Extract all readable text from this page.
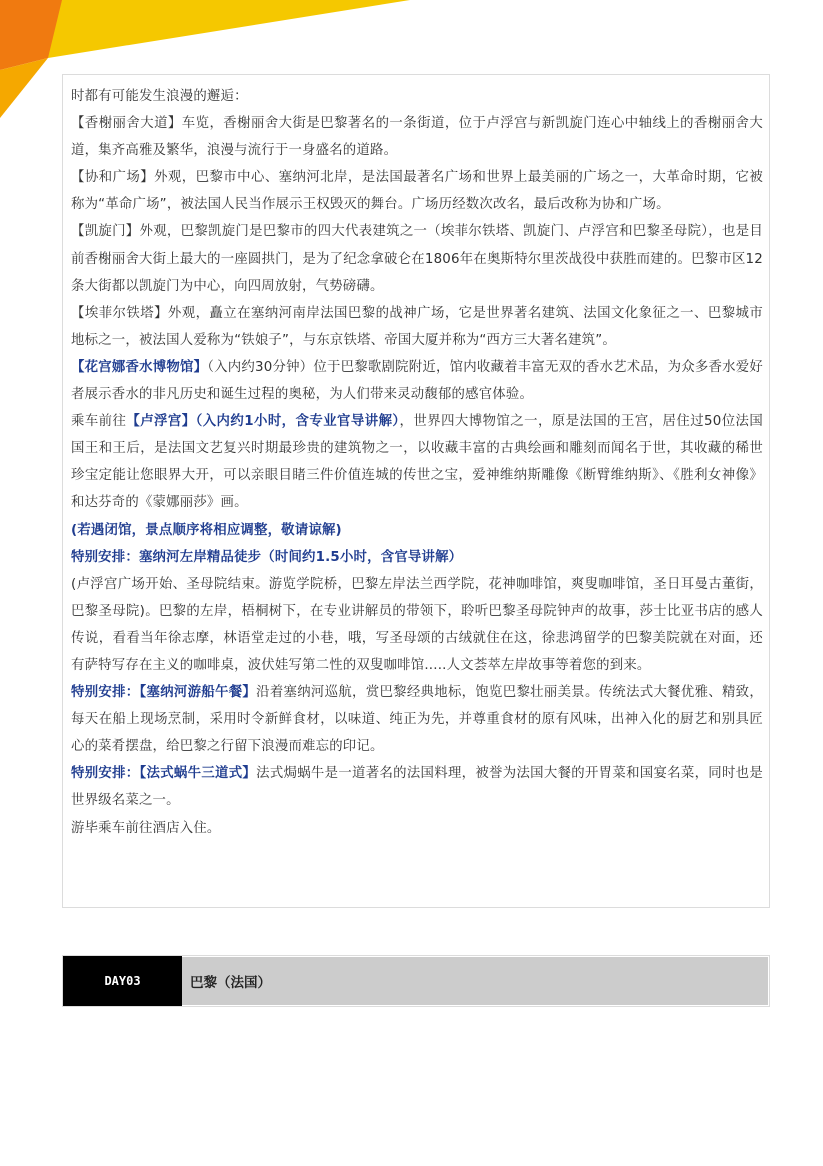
时都有可能发生浪漫的邂逅：

【香榭丽舍大道】车览，香榭丽舍大街是巴黎著名的一条街道，位于卢浮宫与新凯旋门连心中轴线上的香榭丽舍大道，集齐高雅及繁华，浪漫与流行于一身盛名的道路。

【协和广场】外观，巴黎市中心、塞纳河北岸，是法国最著名广场和世界上最美丽的广场之一，大革命时期，它被称为“革命广场”，被法国人民当作展示王权毁灭的舞台。广场历经数次改名，最后改称为协和广场。

【凯旋门】外观，巴黎凯旋门是巴黎市的四大代表建筑之一（埃菲尔铁塔、凯旋门、卢浮宫和巴黎圣母院），也是目前香榭丽舍大街上最大的一座圆拱门，是为了纪念拿破仑在1806年在奥斯特尔里茨战役中获胜而建的。巴黎市区12条大街都以凯旋门为中心，向四周放射，气势磅礴。

【埃菲尔铁塔】外观，矗立在塞纳河南岸法国巴黎的战神广场，它是世界著名建筑、法国文化象征之一、巴黎城市地标之一，被法国人爱称为“铁娘子”，与东京铁塔、帝国大厦并称为“西方三大著名建筑”。

【花宫娜香水博物馆】（入内约30分钟）位于巴黎歌剧院附近，馆内收藏着丰富无双的香水艺术品，为众多香水爱好者展示香水的非凡历史和诞生过程的奥秘，为人们带来灵动馥郁的感官体验。

乘车前往【卢浮宫】（入内约1小时，含专业官导讲解），世界四大博物馆之一，原是法国的王宫，居住过50位法国国王和王后，是法国文艺复兴时期最珍贵的建筑物之一，以收藏丰富的古典绘画和雕刻而闻名于世，其收藏的稀世珍宝定能让您眼界大开，可以亲眼目睹三件价值连城的传世之宝，爱神维纳斯雕像《断臂维纳斯》、《胜利女神像》和达芬奇的《蒙娜丽莎》画。

(若遇闭馆，景点顺序将相应调整，敬请谅解)

特别安排：塞纳河左岸精品徒步（时间约1.5小时，含官导讲解）

(卢浮宫广场开始、圣母院结束。游览学院桥，巴黎左岸法兰西学院，花神咖啡馆，爽叟咖啡馆，圣日耳曼古董街，巴黎圣母院)。巴黎的左岸，梧桐树下，在专业讲解员的带领下，聆听巴黎圣母院钟声的故事，莎士比亚书店的感人传说，看看当年徐志摩，林语堂走过的小巷，哦，写圣母颂的古绒就住在这，徐悲鸿留学的巴黎美院就在对面，还有萨特写存在主义的咖啡桌，波伏娃写第二性的双叟咖啡馆.....人文荟萃左岸故事等着您的到来。

特别安排：【塞纳河游船午餐】沿着塞纳河巡航，赏巴黎经典地标，饱览巴黎壮丽美景。传统法式大餐优雅、精致，每天在船上现场烹制，采用时令新鲜食材，以味道、纯正为先，并尊重食材的原有风味，出神入化的厨艺和别具匠心的菜肴摆盘，给巴黎之行留下浪漫而难忘的印记。

特别安排：【法式蜗牛三道式】法式焗蜗牛是一道著名的法国料理，被誉为法国大餐的开胃菜和国宴名菜，同时也是世界级名菜之一。

游毕乘车前往酒店入住。

DAY03	巴黎（法国）
